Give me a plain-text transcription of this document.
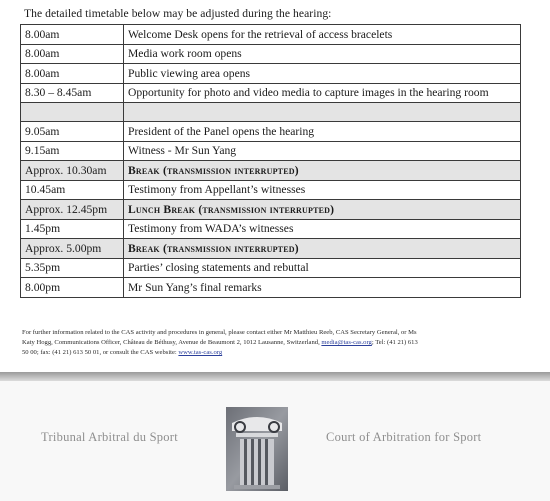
The detailed timetable below may be adjusted during the hearing:
8.00am	Welcome Desk opens for the retrieval of access bracelets
8.00am	Media work room opens
8.00am	Public viewing area opens
8.30 – 8.45am	Opportunity for photo and video media to capture images in the hearing room

9.05am	President of the Panel opens the hearing
9.15am	Witness - Mr Sun Yang
Approx. 10.30am	Break (transmission interrupted)
10.45am	Testimony from Appellant’s witnesses
Approx. 12.45pm	Lunch Break (transmission interrupted)
1.45pm	Testimony from WADA’s witnesses
Approx. 5.00pm	Break (transmission interrupted)
5.35pm	Parties’ closing statements and rebuttal
8.00pm	Mr Sun Yang’s final remarks
For further information related to the CAS activity and procedures in general, please contact either Mr Matthieu Reeb, CAS Secretary General, or Ms
Katy Hogg, Communications Officer, Château de Béthusy, Avenue de Beaumont 2, 1012 Lausanne, Switzerland, media@tas-cas.org; Tel: (41 21) 613
50 00; fax: (41 21) 613 50 01, or consult the CAS website: www.tas-cas.org
Tribunal Arbitral du Sport	Court of Arbitration for Sport
